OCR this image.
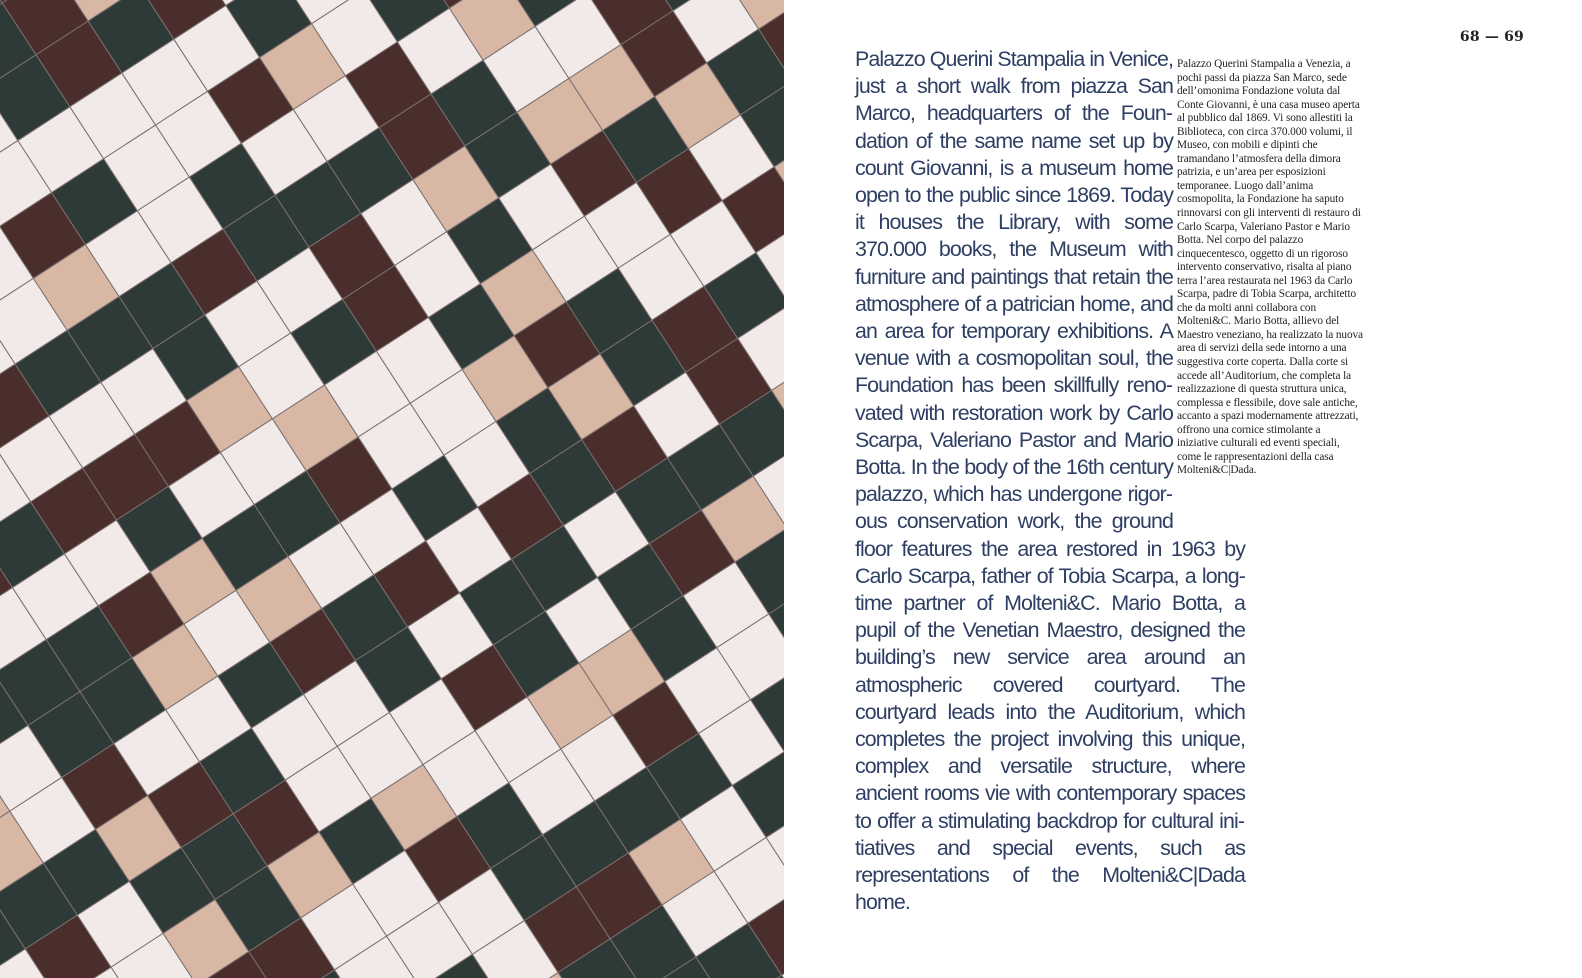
68 — 69
Palazzo Querini Stampalia in Venice, just a short walk from piazza San Marco, headquarters of the Foundation of the same name set up by count Giovanni, is a museum home open to the public since 1869. Today it houses the Library, with some 370.000 books, the Museum with furniture and paintings that retain the atmosphere of a patrician home, and an area for temporary exhibitions. A venue with a cosmopolitan soul, the Foundation has been skillfully renovated with restoration work by Carlo Scarpa, Valeriano Pastor and Mario Botta. In the body of the 16th century palazzo, which has undergone rigorous conservation work, the ground floor features the area restored in 1963 by Carlo Scarpa, father of Tobia Scarpa, a long-time partner of Molteni&C. Mario Botta, a pupil of the Venetian Maestro, designed the building’s new service area around an atmospheric covered courtyard. The courtyard leads into the Auditorium, which completes the project involving this unique, complex and versatile structure, where ancient rooms vie with contemporary spaces to offer a stimulating backdrop for cultural initiatives and special events, such as representations of the Molteni&C|Dada home.

Palazzo Querini Stampalia a Venezia, a pochi passi da piazza San Marco, sede dell’omonima Fondazione voluta dal Conte Giovanni, è una casa museo aperta al pubblico dal 1869. Vi sono allestiti la Biblioteca, con circa 370.000 volumi, il Museo, con mobili e dipinti che tramandano l’atmosfera della dimora patrizia, e un’area per esposizioni temporanee. Luogo dall’anima cosmopolita, la Fondazione ha saputo rinnovarsi con gli interventi di restauro di Carlo Scarpa, Valeriano Pastor e Mario Botta. Nel corpo del palazzo cinquecentesco, oggetto di un rigoroso intervento conservativo, risalta al piano terra l’area restaurata nel 1963 da Carlo Scarpa, padre di Tobia Scarpa, architetto che da molti anni collabora con Molteni&C. Mario Botta, allievo del Maestro veneziano, ha realizzato la nuova area di servizi della sede intorno a una suggestiva corte coperta. Dalla corte si accede all’Auditorium, che completa la realizzazione di questa struttura unica, complessa e flessibile, dove sale antiche, accanto a spazi modernamente attrezzati, offrono una cornice stimolante a iniziative culturali ed eventi speciali, come le rappresentazioni della casa Molteni&C|Dada.
